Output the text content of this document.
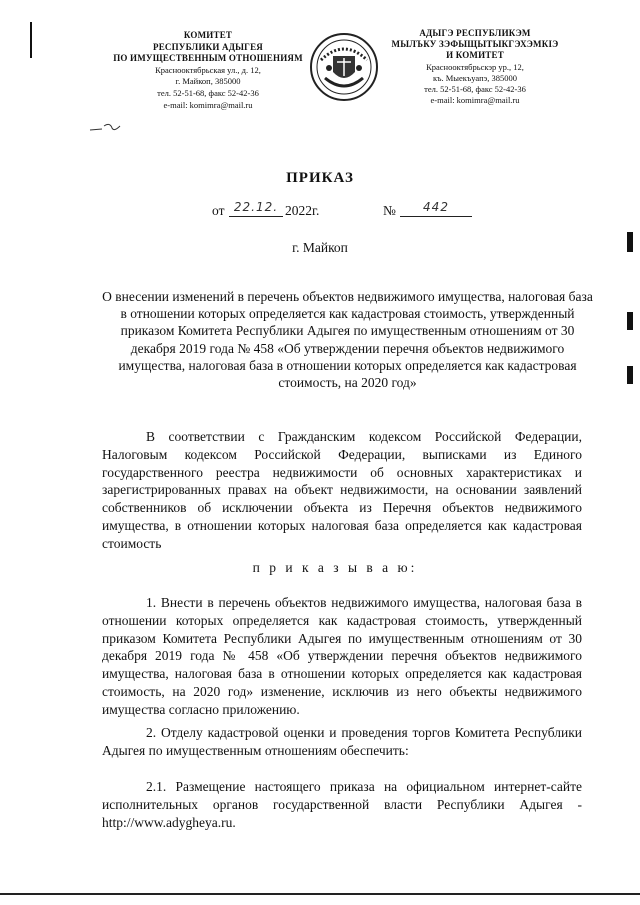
КОМИТЕТ
РЕСПУБЛИКИ АДЫГЕЯ
ПО ИМУЩЕСТВЕННЫМ ОТНОШЕНИЯМ
Краснооктябрьская ул., д. 12,
г. Майкоп, 385000
тел. 52-51-68, факс 52-42-36
e-mail: komimra@mail.ru
АДЫГЭ РЕСПУБЛИКЭМ
МЫЛЪКУ ЗЭФЫЩЫТЫКГЭХЭМКІЭ
И КОМИТЕТ
Краснооктябрьскэр ур., 12,
къ. Мыекъуапэ, 385000
тел. 52-51-68, факс 52-42-36
e-mail: komimra@mail.ru
ПРИКАЗ
от 22.12. 2022г.	№	442
г. Майкоп
О внесении изменений в перечень объектов недвижимого имущества, налоговая база в отношении которых определяется как кадастровая стоимость, утвержденный приказом Комитета Республики Адыгея по имущественным отношениям от 30 декабря 2019 года № 458 «Об утверждении перечня объектов недвижимого имущества, налоговая база в отношении которых определяется как кадастровая стоимость, на 2020 год»
В соответствии с Гражданским кодексом Российской Федерации, Налоговым кодексом Российской Федерации, выписками из Единого государственного реестра недвижимости об основных характеристиках и зарегистрированных правах на объект недвижимости, на основании заявлений собственников об исключении объекта из Перечня объектов недвижимого имущества, в отношении которых налоговая база определяется как кадастровая стоимость
п р и к а з ы в а ю:
1. Внести в перечень объектов недвижимого имущества, налоговая база в отношении которых определяется как кадастровая стоимость, утвержденный приказом Комитета Республики Адыгея по имущественным отношениям от 30 декабря 2019 года № 458 «Об утверждении перечня объектов недвижимого имущества, налоговая база в отношении которых определяется как кадастровая стоимость, на 2020 год» изменение, исключив из него объекты недвижимого имущества согласно приложению.
2. Отделу кадастровой оценки и проведения торгов Комитета Республики Адыгея по имущественным отношениям обеспечить:
2.1. Размещение настоящего приказа на официальном интернет-сайте исполнительных органов государственной власти Республики Адыгея - http://www.adygheya.ru.
